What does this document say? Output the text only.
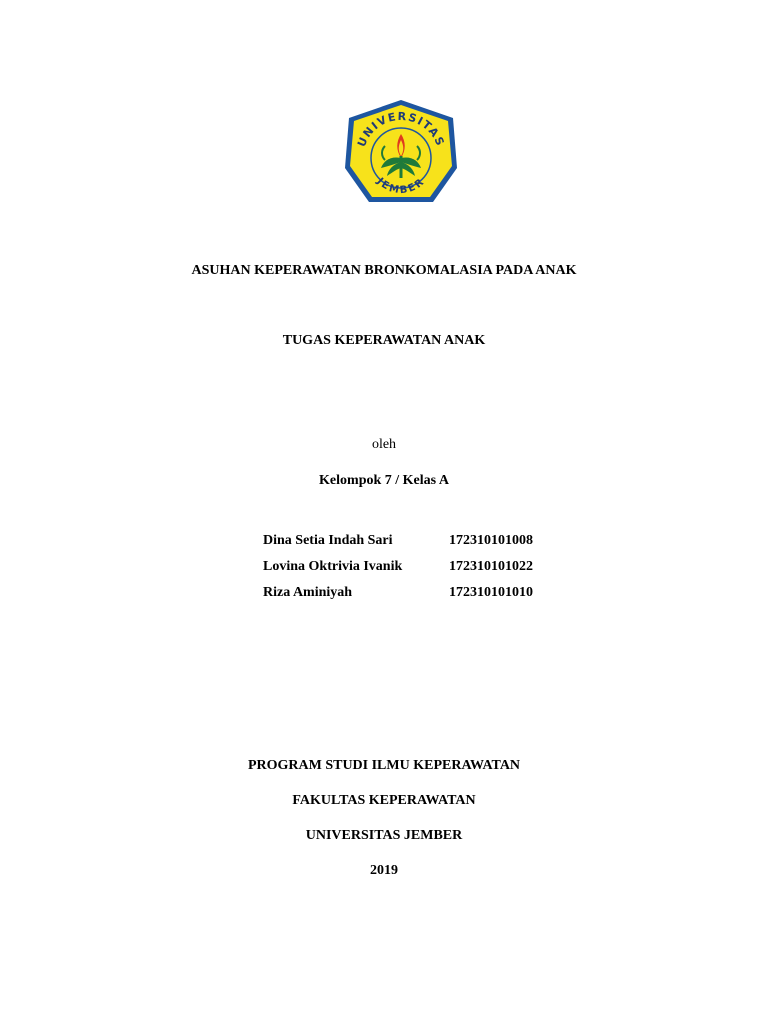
UNIVERSITAS
JEMBER
ASUHAN KEPERAWATAN BRONKOMALASIA PADA ANAK
TUGAS KEPERAWATAN ANAK
oleh
Kelompok 7 / Kelas A
Dina Setia Indah Sari	172310101008
Lovina Oktrivia Ivanik	172310101022
Riza Aminiyah	172310101010
PROGRAM STUDI ILMU KEPERAWATAN
FAKULTAS KEPERAWATAN
UNIVERSITAS JEMBER
2019
